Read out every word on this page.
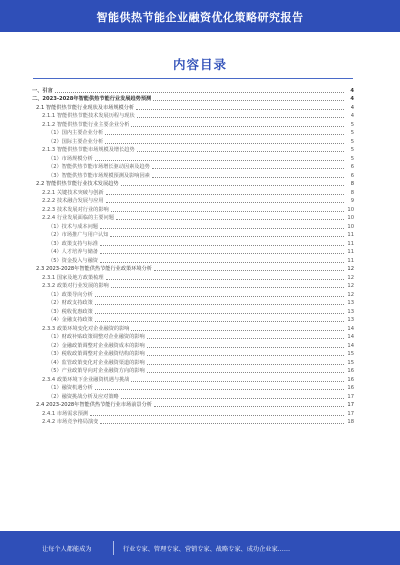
智能供热节能企业融资优化策略研究报告
内容目录
一、引言	4
二、2023-2028年智能供热节能行业发展趋势预测	4
2.1 智能供热节能行业现状及市场规模分析	4
2.1.1 智能供热节能技术发展历程与现状	4
2.1.2 智能供热节能行业主要企业分析	5
（1）国内主要企业分析	5
（2）国际主要企业分析	5
2.1.3 智能供热节能市场规模及增长趋势	5
（1）市场规模分析	5
（2）智能供热节能市场增长驱动因素及趋势	6
（3）智能供热节能市场规模预测及影响因素	6
2.2 智能供热节能行业技术发展趋势	8
2.2.1 关键技术突破与创新	8
2.2.2 技术融合发展与应用	9
2.2.3 技术发展对行业的影响	10
2.2.4 行业发展面临的主要问题	10
（1）技术与成本问题	10
（2）市场推广与用户认知	11
（3）政策支持与标准	11
（4）人才培养与储备	11
（5）资金投入与融资	11
2.3 2023-2028年智能供热节能行业政策环境分析	12
2.3.1 国家及地方政策梳理	12
2.3.2 政策对行业发展的影响	12
（1）政策导向分析	12
（2）财政支持政策	13
（3）税收优惠政策	13
（4）金融支持政策	13
2.3.3 政策环境变化对企业融资的影响	14
（1）财政补贴政策调整对企业融资的影响	14
（2）金融政策调整对企业融资成本的影响	14
（3）税收政策调整对企业融资结构的影响	15
（4）监管政策变化对企业融资渠道的影响	15
（5）产业政策导向对企业融资方向的影响	16
2.3.4 政策环境下企业融资机遇与挑战	16
（1）融资机遇分析	16
（2）融资挑战分析及应对策略	17
2.4 2023-2028年智能供热节能行业市场前景分析	17
2.4.1 市场需求预测	17
2.4.2 市场竞争格局演变	18
让每个人都能成为	行业专家、管理专家、营销专家、战略专家、成功企业家……
